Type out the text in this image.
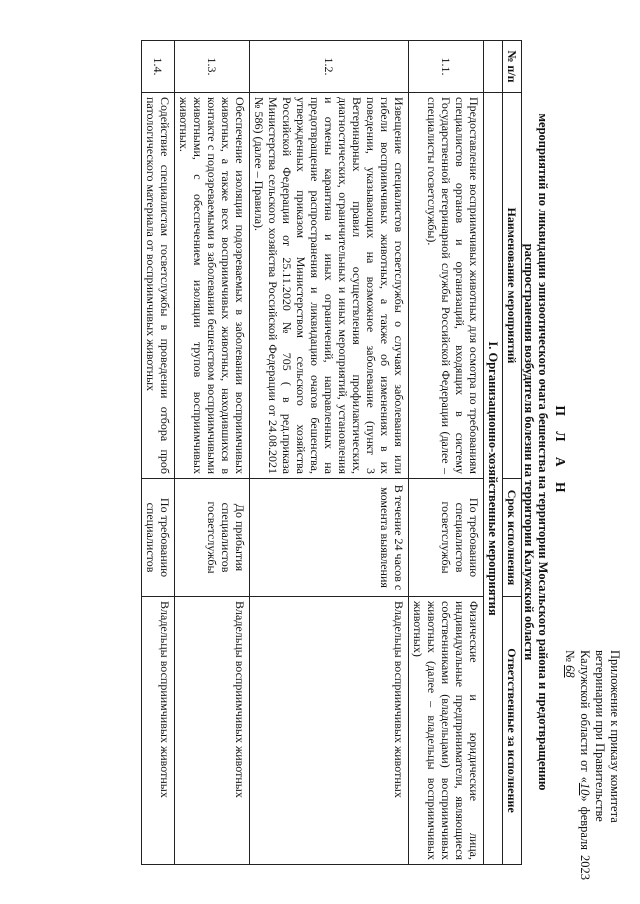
Приложение к приказу комитета
ветеринарии при Правительстве
Калужской области от «10» февраля 2023 № 68
П Л А Н
мероприятий по ликвидации эпизоотического очага бешенства на территории Мосальского района и предотвращению
распространения возбудителя болезни на территории Калужской области
№ п/п	Наименование мероприятий	Срок исполнения	Ответственные за исполнение
	I. Организационно-хозяйственные мероприятия		
1.1.	Предоставление восприимчивых животных для осмотра по требованиям специалистов органов и организаций, входящих в систему Государственной ветеринарной службы Российской Федерации (далее – специалисты госветслужбы).	По требованию специалистов госветслужбы	Физические и юридические лица, индивидуальные предприниматели, являющиеся собственниками (владельцами) восприимчивых животных (далее – владельцы восприимчивых животных)
1.2.	Извещение специалистов госветслужбы о случаях заболевания или гибели восприимчивых животных, а также об изменениях в их поведении, указывающих на возможное заболевание (пункт 3 Ветеринарных правил осуществления профилактических, диагностических, ограничительных и иных мероприятий, установления и отмены карантина и иных ограничений, направленных на предотвращение распространения и ликвидацию очагов бешенства, утвержденных приказом Министерством сельского хозяйства Российской Федерации от 25.11.2020 № 705 ( в ред.приказа Министерства сельского хозяйства Российской Федерации от 24.08.2021 № 586) (далее – Правила).	В течение 24 часов с момента выявления	Владельцы восприимчивых животных
1.3.	Обеспечение изоляции подозреваемых в заболевании восприимчивых животных, а также всех восприимчивых животных, находившихся в контакте с подозреваемыми в заболевании бешенством восприимчивыми животными, с обеспечением изоляции трупов восприимчивых животных.	До прибытия специалистов госветслужбы	Владельцы восприимчивых животных
1.4.	Содействие специалистам госветслужбы в проведении отбора проб патологического материала от восприимчивых животных	По требованию специалистов	Владельцы восприимчивых животных
